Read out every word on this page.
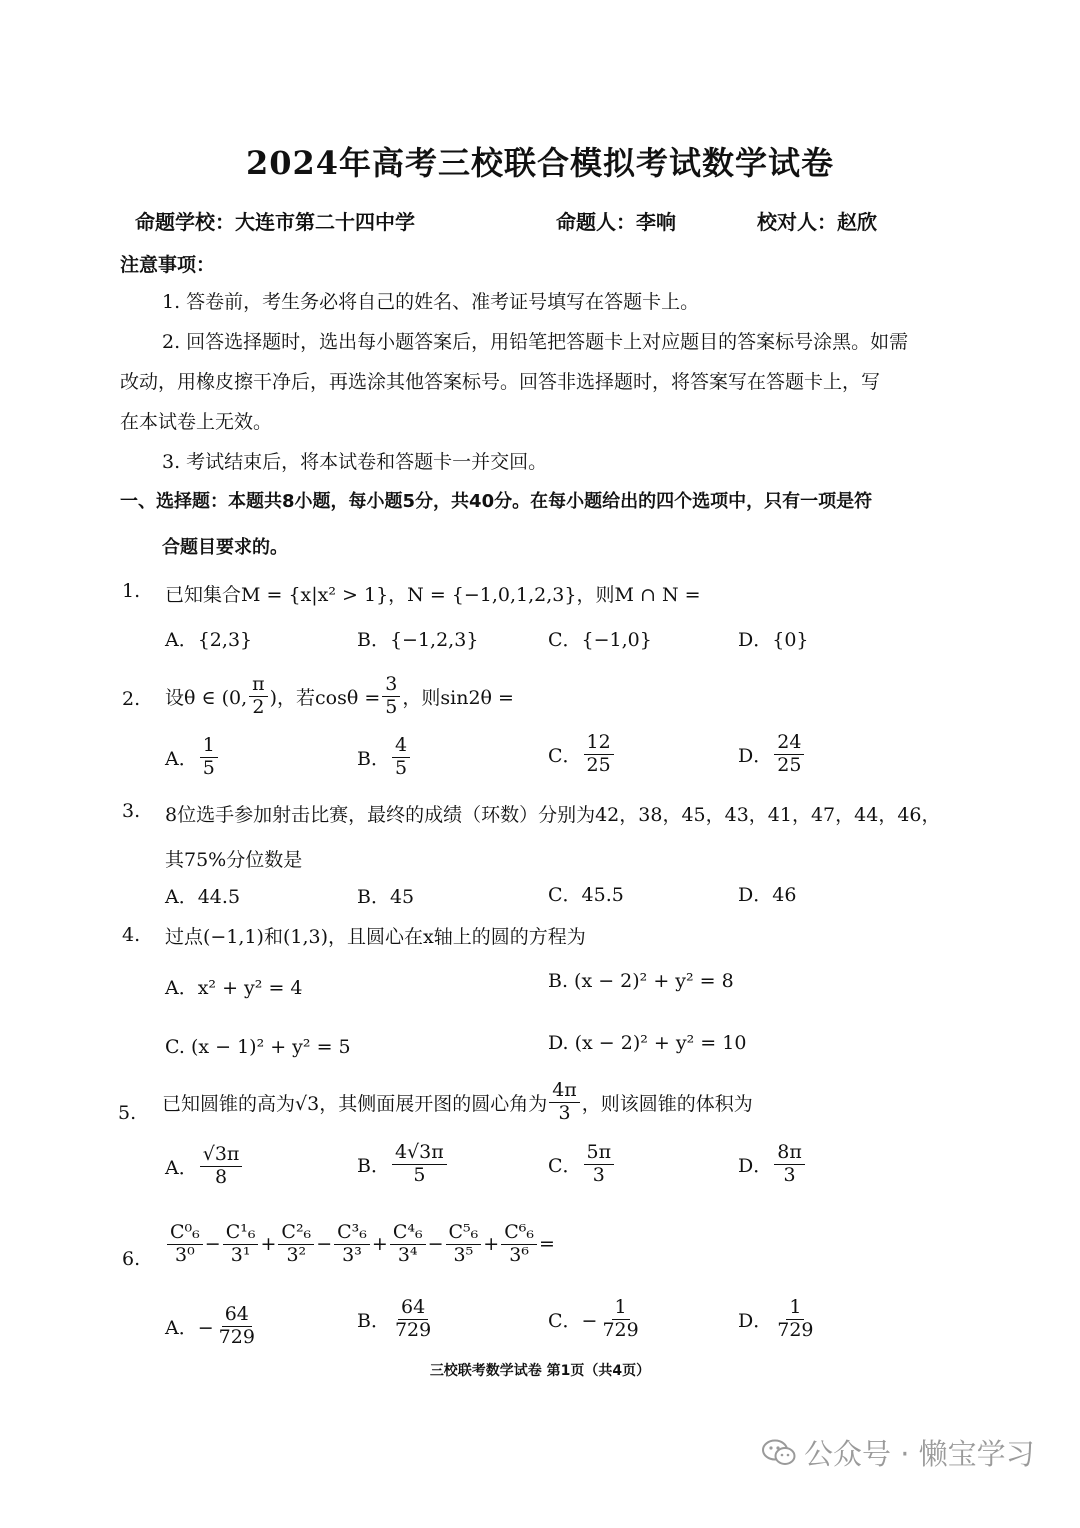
2024年高考三校联合模拟考试数学试卷
命题学校：大连市第二十四中学	命题人：李响	校对人：赵欣
注意事项：
1. 答卷前，考生务必将自己的姓名、准考证号填写在答题卡上。
2. 回答选择题时，选出每小题答案后，用铅笔把答题卡上对应题目的答案标号涂黑。如需
改动，用橡皮擦干净后，再选涂其他答案标号。回答非选择题时，将答案写在答题卡上，写
在本试卷上无效。
3. 考试结束后，将本试卷和答题卡一并交回。
一、选择题：本题共8小题，每小题5分，共40分。在每小题给出的四个选项中，只有一项是符
合题目要求的。
1. 已知集合M = {x|x² > 1}，N = {−1,0,1,2,3}，则M ∩ N =
A．{2,3}	B．{−1,2,3}	C．{−1,0}	D．{0}
2. 设θ ∈ (0, $\frac{\pi}{2}$ )，若$\cos\theta = \frac{3}{5}$ ，则sin2θ =
A． $\frac{1}{5}$	B． $\frac{4}{5}$	C． $\frac{12}{25}$	D． $\frac{24}{25}$
3. 8位选手参加射击比赛，最终的成绩（环数）分别为42，38，45，43，41，47，44，46，
其75%分位数是
A．44.5	B．45	C．45.5	D．46
4. 过点(−1,1)和(1,3)，且圆心在x轴上的圆的方程为
A．x² + y² = 4	B. (x − 2)² + y² = 8
C. (x − 1)² + y² = 5	D. (x − 2)² + y² = 10
5. 已知圆锥的高为√3，其侧面展开图的圆心角为 $\frac{4\pi}{3}$ ，则该圆锥的体积为
A． $\frac{√3\pi}{8}$	B． $\frac{4√3\pi}{5}$	C． $\frac{5\pi}{3}$	D． $\frac{8\pi}{3}$
6. $\frac{\text{C⁰₆}}{\text{3⁰}} - \frac{\text{C¹₆}}{\text{3¹}} + \frac{\text{C²₆}}{\text{3²}} - \frac{\text{C³₆}}{\text{3³}} + \frac{\text{C⁴₆}}{\text{3⁴}} - \frac{\text{C⁵₆}}{\text{3⁵}} + \frac{\text{C⁶₆}}{\text{3⁶}}$ =
A．− $\frac{64}{729}$	B． $\frac{64}{729}$	C．− $\frac{1}{729}$	D． $\frac{1}{729}$
三校联考数学试卷 第1页（共4页）
公众号 · 懒宝学习
